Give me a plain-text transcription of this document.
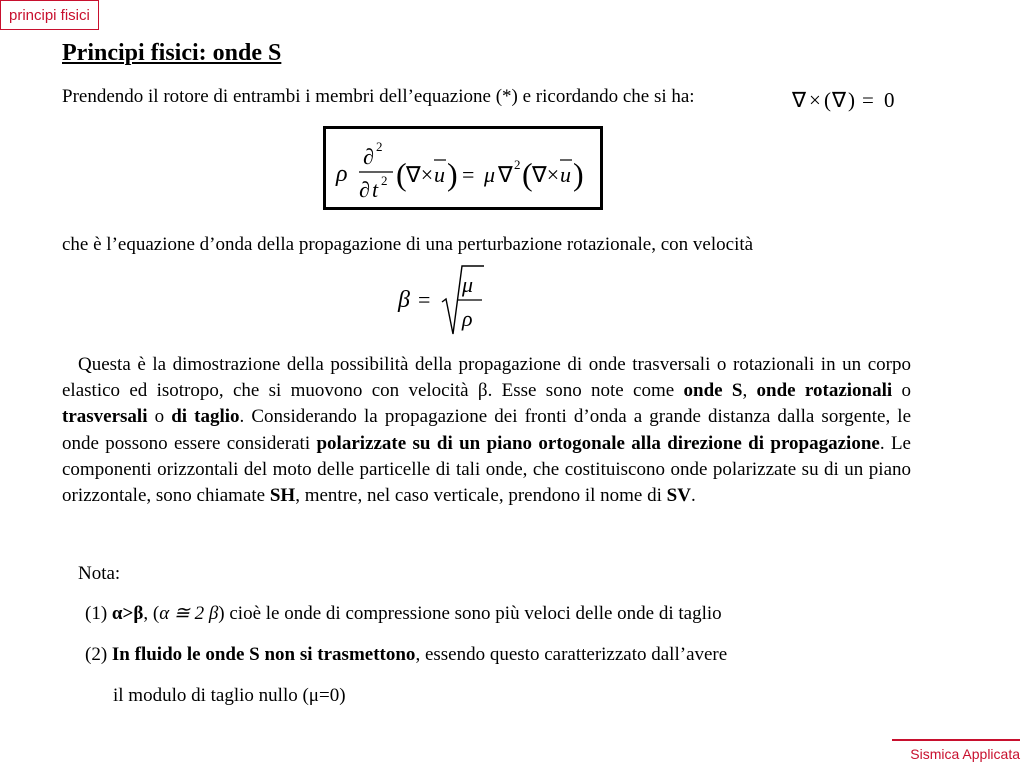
principi fisici
Principi fisici: onde S

Prendendo il rotore di entrambi i membri dell’equazione (*) e ricordando che si ha:	∇ × ( ∇ ) = 0
ρ
∂ 2
∂ t 2 ( ∇× u ) = μ ∇ 2 ( ∇× u )

che è l’equazione d’onda della propagazione di una perturbazione rotazionale, con velocità

β =
μ
ρ

Questa è la dimostrazione della possibilità della propagazione di onde trasversali o rotazionali in un corpo elastico ed isotropo, che si muovono con velocità β. Esse sono note come onde S, onde rotazionali o trasversali o di taglio. Considerando la propagazione dei fronti d’onda a grande distanza dalla sorgente, le onde possono essere considerati polarizzate su di un piano ortogonale alla direzione di propagazione. Le componenti orizzontali del moto delle particelle di tali onde, che costituiscono onde polarizzate su di un piano orizzontale, sono chiamate SH, mentre, nel caso verticale, prendono il nome di SV.

Nota:

(1) α>β, (α ≅ 2 β) cioè le onde di compressione sono più veloci delle onde di taglio

(2) In fluido le onde S non si trasmettono, essendo questo caratterizzato dall’avere

il modulo di taglio nullo (μ=0)

Sismica Applicata
